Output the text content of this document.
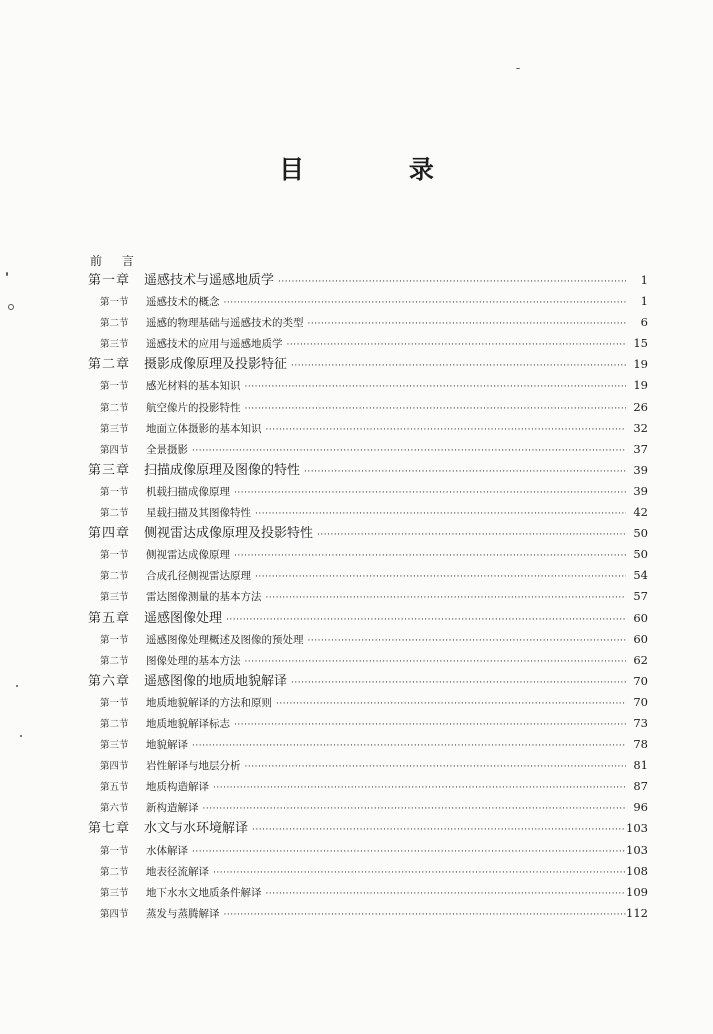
目 录
前 言
第一章	遥感技术与遥感地质学 ·····	1
第一节	遥感技术的概念 ·····	1
第二节	遥感的物理基础与遥感技术的类型 ·····	6
第三节	遥感技术的应用与遥感地质学 ·····	15
第二章	摄影成像原理及投影特征 ·····	19
第一节	感光材料的基本知识 ·····	19
第二节	航空像片的投影特性 ·····	26
第三节	地面立体摄影的基本知识 ·····	32
第四节	全景摄影 ·····	37
第三章	扫描成像原理及图像的特性 ·····	39
第一节	机载扫描成像原理 ·····	39
第二节	星载扫描及其图像特性 ·····	42
第四章	侧视雷达成像原理及投影特性 ·····	50
第一节	侧视雷达成像原理 ·····	50
第二节	合成孔径侧视雷达原理 ·····	54
第三节	雷达图像测量的基本方法 ·····	57
第五章	遥感图像处理 ·····	60
第一节	遥感图像处理概述及图像的预处理 ·····	60
第二节	图像处理的基本方法 ·····	62
第六章	遥感图像的地质地貌解译 ·····	70
第一节	地质地貌解译的方法和原则 ·····	70
第二节	地质地貌解译标志 ·····	73
第三节	地貌解译 ·····	78
第四节	岩性解译与地层分析 ·····	81
第五节	地质构造解译 ·····	87
第六节	新构造解译 ·····	96
第七章	水文与水环境解译 ·····	103
第一节	水体解译 ·····	103
第二节	地表径流解译 ·····	108
第三节	地下水水文地质条件解译 ·····	109
第四节	蒸发与蒸腾解译 ·····	112
